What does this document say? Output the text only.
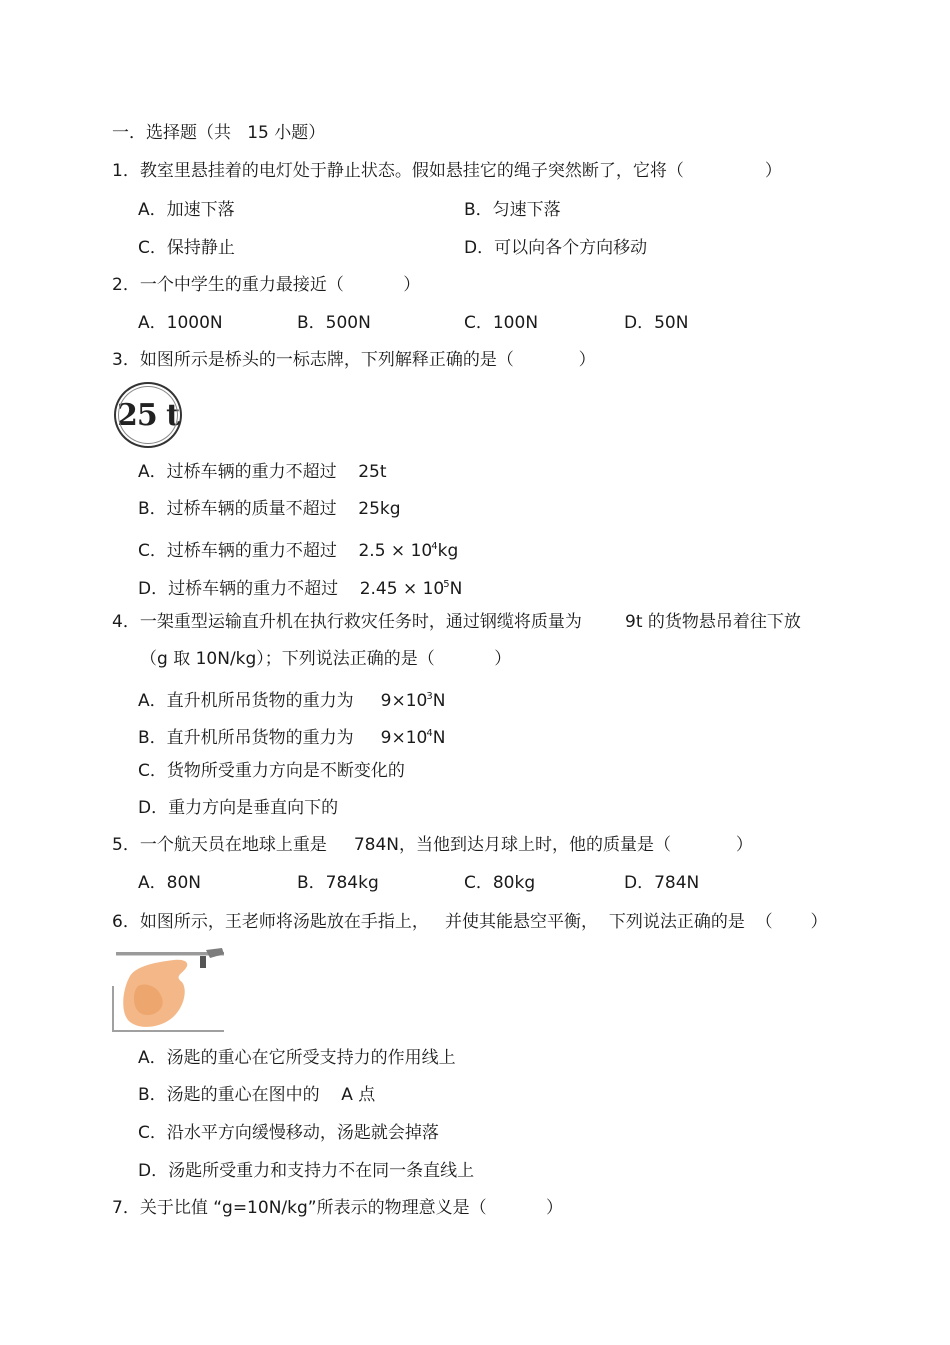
一．选择题（共   15 小题）
1．教室里悬挂着的电灯处于静止状态。假如悬挂它的绳子突然断了，它将（               ）
A．加速下落	B．匀速下落
C．保持静止	D．可以向各个方向移动
2．一个中学生的重力最接近（           ）
A．1000N	B．500N	C．100N	D．50N
3．如图所示是桥头的一标志牌，下列解释正确的是（            ）
25 t
A．过桥车辆的重力不超过    25t
B．过桥车辆的质量不超过    25kg
C．过桥车辆的重力不超过    $2.5 \times 10^4kg$
D．过桥车辆的重力不超过    $2.45 \times 10^5N$
4．一架重型运输直升机在执行救灾任务时，通过钢缆将质量为        9t 的货物悬吊着往下放
（g 取 10N/kg）；下列说法正确的是（           ）
A．直升机所吊货物的重力为     $9\times 10^3N$
B．直升机所吊货物的重力为     $9\times 10^4N$
C．货物所受重力方向是不断变化的
D．重力方向是垂直向下的
5．一个航天员在地球上重是     784N，当他到达月球上时，他的质量是（            ）
A．80N	B．784kg	C．80kg	D．784N
6．如图所示，王老师将汤匙放在手指上，   并使其能悬空平衡，  下列说法正确的是  （       ）
A．汤匙的重心在它所受支持力的作用线上
B．汤匙的重心在图中的    A 点
C．沿水平方向缓慢移动，汤匙就会掉落
D．汤匙所受重力和支持力不在同一条直线上
7．关于比值 “g=10N/kg”所表示的物理意义是（           ）
